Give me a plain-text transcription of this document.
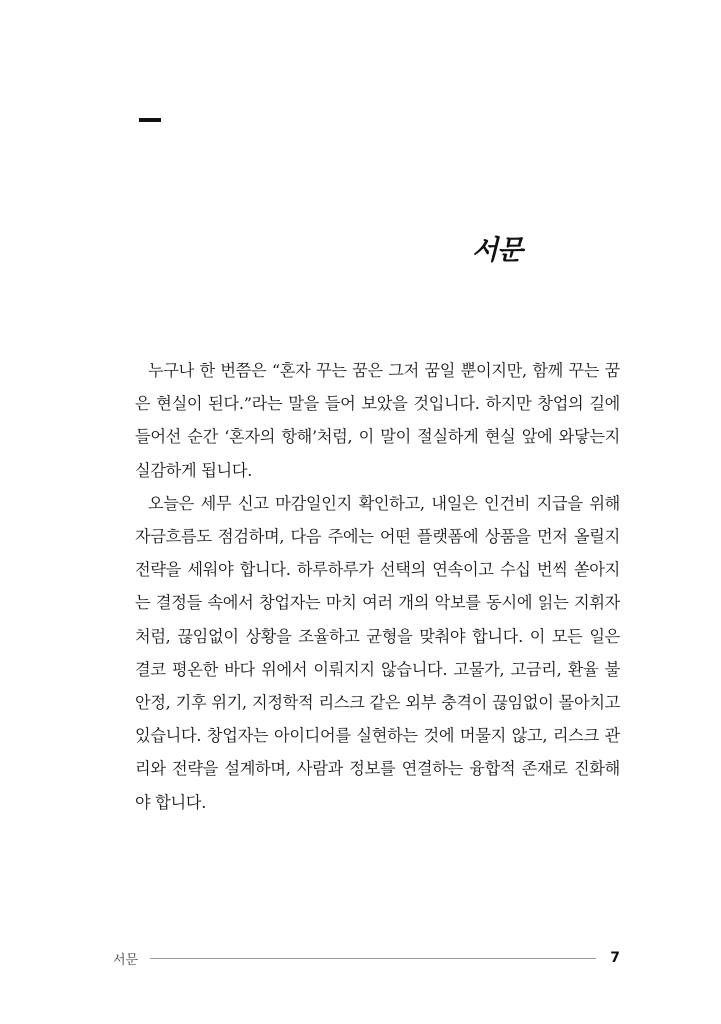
서문

누구나 한 번쯤은 “혼자 꾸는 꿈은 그저 꿈일 뿐이지만, 함께 꾸는 꿈은 현실이 된다.”라는 말을 들어 보았을 것입니다. 하지만 창업의 길에 들어선 순간 ‘혼자의 항해’처럼, 이 말이 절실하게 현실 앞에 와닿는지 실감하게 됩니다.

오늘은 세무 신고 마감일인지 확인하고, 내일은 인건비 지급을 위해 자금흐름도 점검하며, 다음 주에는 어떤 플랫폼에 상품을 먼저 올릴지 전략을 세워야 합니다. 하루하루가 선택의 연속이고 수십 번씩 쏟아지는 결정들 속에서 창업자는 마치 여러 개의 악보를 동시에 읽는 지휘자처럼, 끊임없이 상황을 조율하고 균형을 맞춰야 합니다. 이 모든 일은 결코 평온한 바다 위에서 이뤄지지 않습니다. 고물가, 고금리, 환율 불안정, 기후 위기, 지정학적 리스크 같은 외부 충격이 끊임없이 몰아치고 있습니다. 창업자는 아이디어를 실현하는 것에 머물지 않고, 리스크 관리와 전략을 설계하며, 사람과 정보를 연결하는 융합적 존재로 진화해야 합니다.

서문	7
